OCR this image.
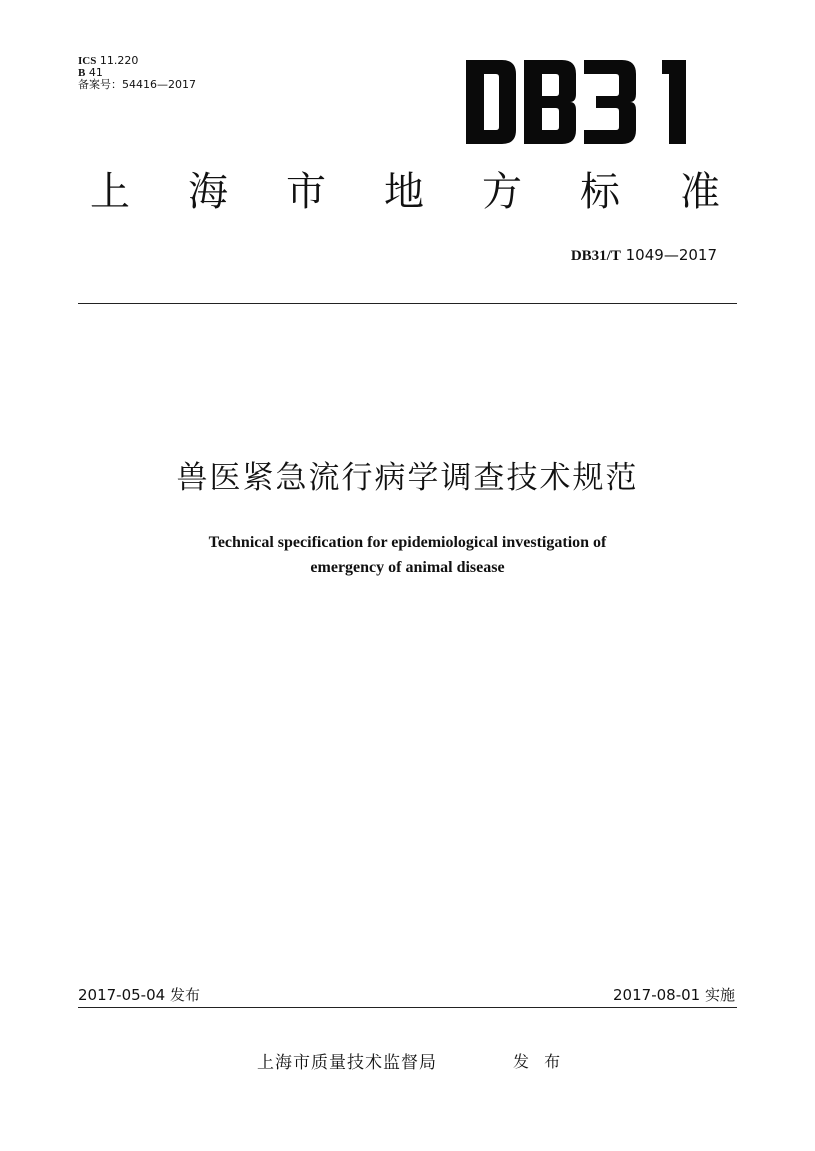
ICS 11.220
B 41
备案号：54416—2017
上 海 市 地 方 标 准
DB31/T 1049—2017
兽医紧急流行病学调查技术规范
Technical specification for epidemiological investigation of
emergency of animal disease
2017-05-04 发布	2017-08-01 实施
上海市质量技术监督局	发 布
